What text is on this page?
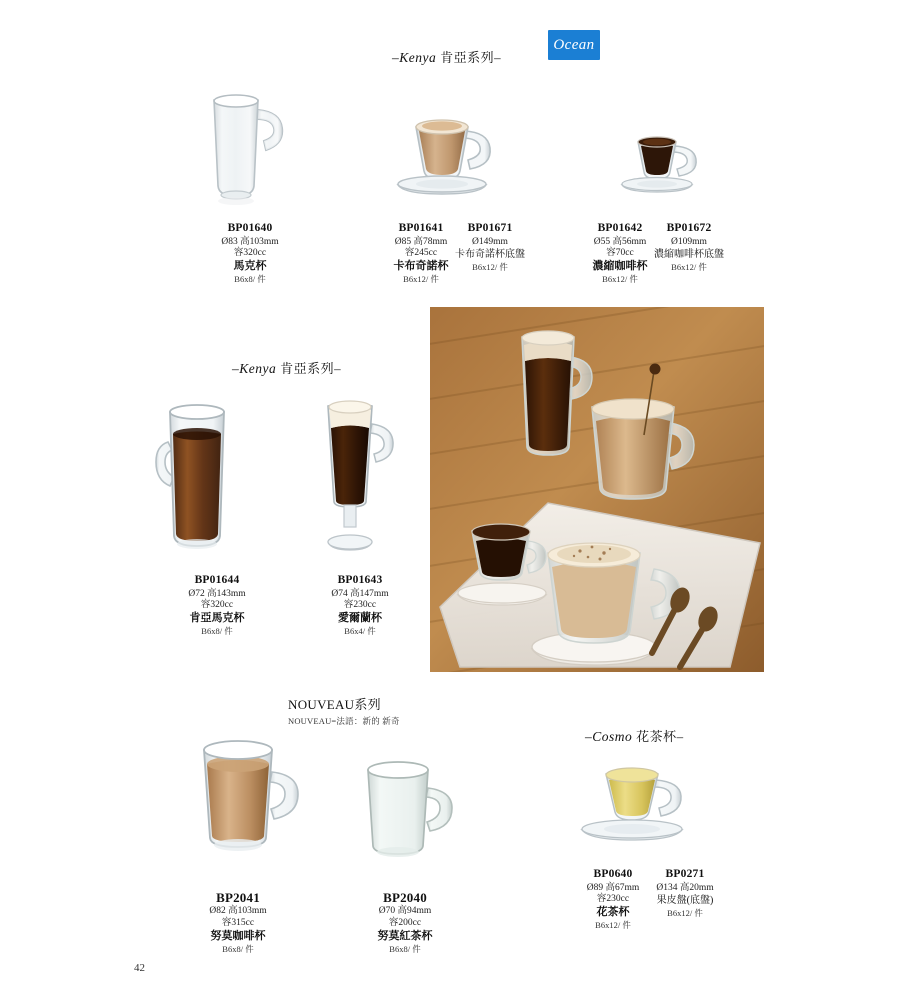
Ocean
–Kenya 肯亞系列–
BP01640
Ø83 高103mm
容320cc
馬克杯
B6x8/ 件
BP01641
Ø85 高78mm
容245cc
卡布奇諾杯
B6x12/ 件
BP01671
Ø149mm
卡布奇諾杯底盤
B6x12/ 件
BP01642
Ø55 高56mm
容70cc
濃縮咖啡杯
B6x12/ 件
BP01672
Ø109mm
濃縮咖啡杯底盤
B6x12/ 件
–Kenya 肯亞系列–
BP01644
Ø72 高143mm
容320cc
肯亞馬克杯
B6x8/ 件
BP01643
Ø74 高147mm
容230cc
愛爾蘭杯
B6x4/ 件
NOUVEAU系列
NOUVEAU=法語：新的 新奇
–Cosmo 花茶杯–
BP2041
Ø82 高103mm
容315cc
努莫咖啡杯
B6x8/ 件
BP2040
Ø70 高94mm
容200cc
努莫紅茶杯
B6x8/ 件
BP0640
Ø89 高67mm
容230cc
花茶杯
B6x12/ 件
BP0271
Ø134 高20mm
果皮盤(底盤)
B6x12/ 件
42
